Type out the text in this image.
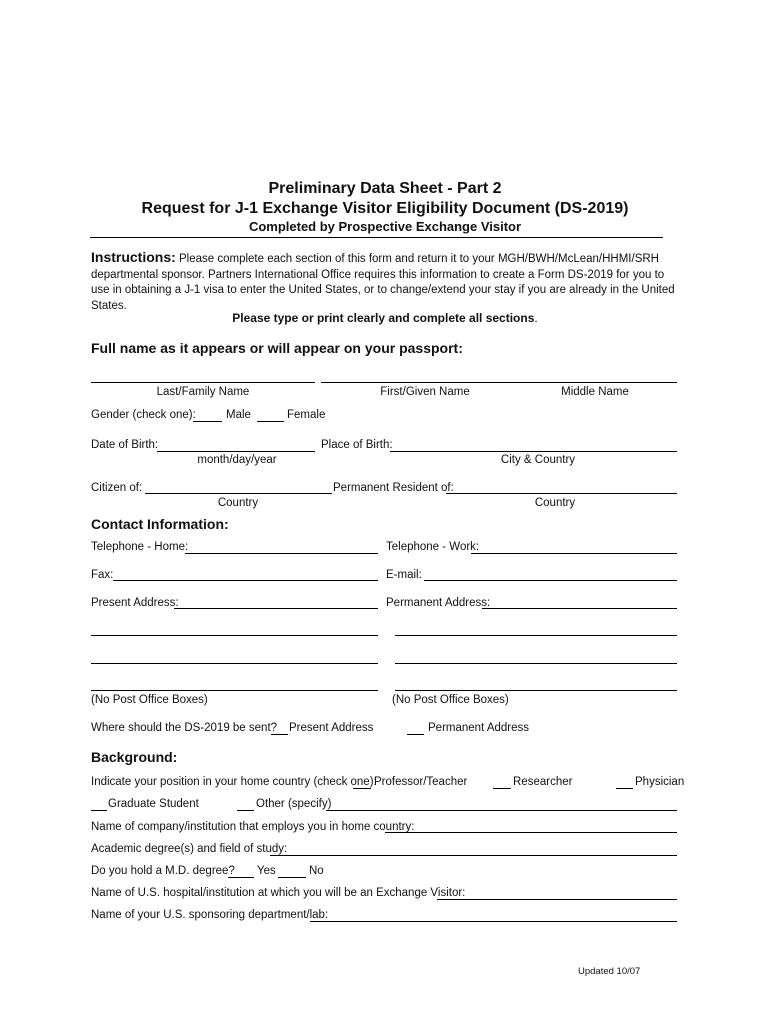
Preliminary Data Sheet - Part 2
Request for J-1 Exchange Visitor Eligibility Document (DS-2019)
Completed by Prospective Exchange Visitor
Instructions: Please complete each section of this form and return it to your MGH/BWH/McLean/HHMI/SRH departmental sponsor. Partners International Office requires this information to create a Form DS-2019 for you to use in obtaining a J-1 visa to enter the United States, or to change/extend your stay if you are already in the United States.
Please type or print clearly and complete all sections.
Full name as it appears or will appear on your passport:
Last/Family Name	First/Given Name	Middle Name
Gender (check one):	Male	Female
Date of Birth:	Place of Birth:
month/day/year	City & Country
Citizen of:	Permanent Resident of:
Country	Country
Contact Information:
Telephone - Home:	Telephone - Work:
Fax:	E-mail:
Present Address:	Permanent Address:
(No Post Office Boxes)	(No Post Office Boxes)
Where should the DS-2019 be sent? Present Address	Permanent Address
Background:
Indicate your position in your home country (check one):
Professor/Teacher	Researcher	Physician
Graduate Student	Other (specify)
Name of company/institution that employs you in home country:
Academic degree(s) and field of study:
Do you hold a M.D. degree? Yes	No
Name of U.S. hospital/institution at which you will be an Exchange Visitor:
Name of your U.S. sponsoring department/lab:
Updated 10/07
